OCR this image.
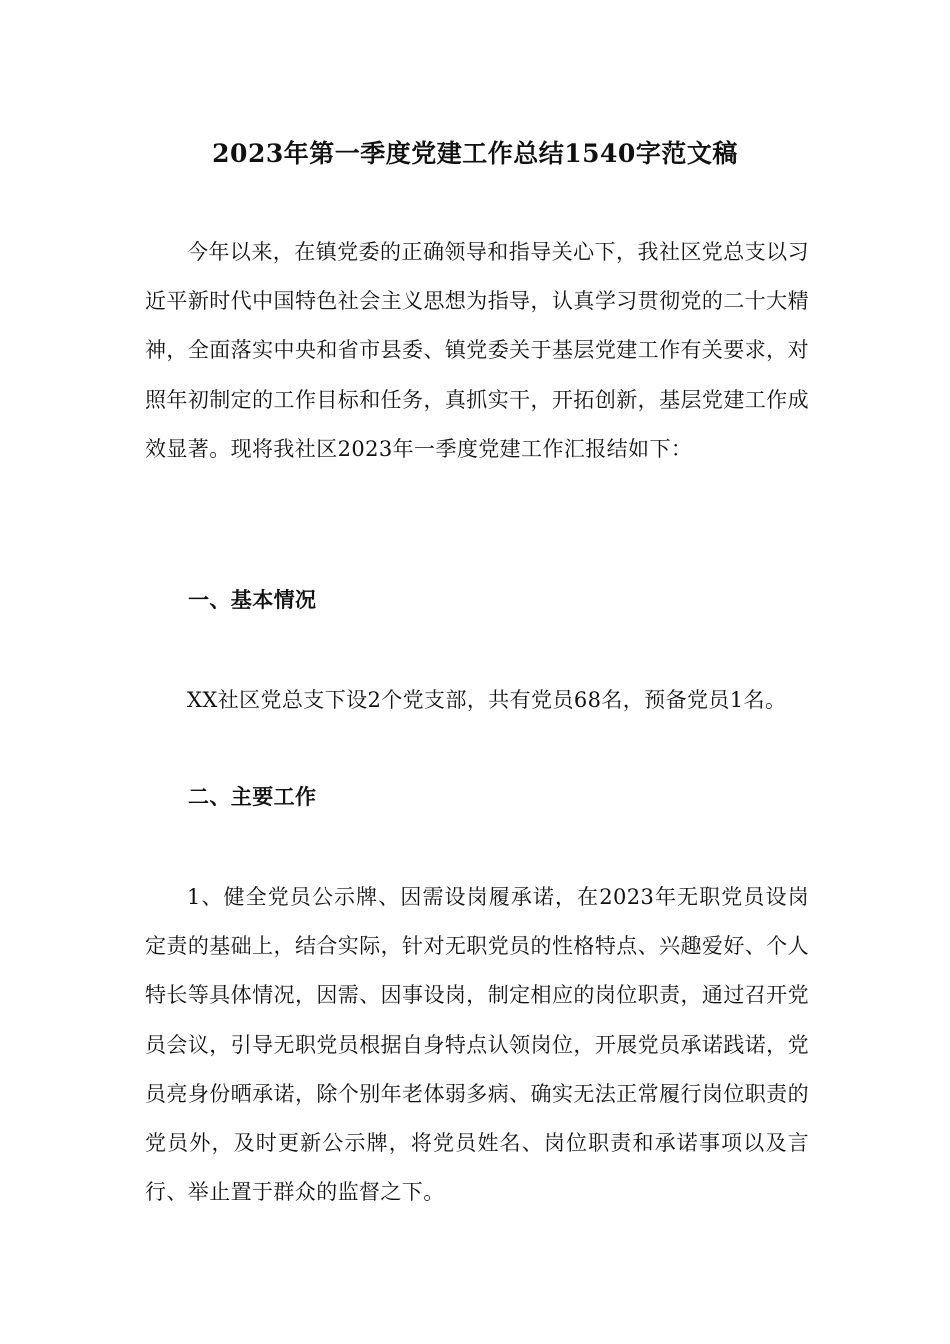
2023年第一季度党建工作总结1540字范文稿

今年以来，在镇党委的正确领导和指导关心下，我社区党总支以习近平新时代中国特色社会主义思想为指导，认真学习贯彻党的二十大精神，全面落实中央和省市县委、镇党委关于基层党建工作有关要求，对照年初制定的工作目标和任务，真抓实干，开拓创新，基层党建工作成效显著。现将我社区2023年一季度党建工作汇报结如下：

一、基本情况

XX社区党总支下设2个党支部，共有党员68名，预备党员1名。

二、主要工作

1、健全党员公示牌、因需设岗履承诺，在2023年无职党员设岗定责的基础上，结合实际，针对无职党员的性格特点、兴趣爱好、个人特长等具体情况，因需、因事设岗，制定相应的岗位职责，通过召开党员会议，引导无职党员根据自身特点认领岗位，开展党员承诺践诺，党员亮身份晒承诺，除个别年老体弱多病、确实无法正常履行岗位职责的党员外，及时更新公示牌，将党员姓名、岗位职责和承诺事项以及言行、举止置于群众的监督之下。
